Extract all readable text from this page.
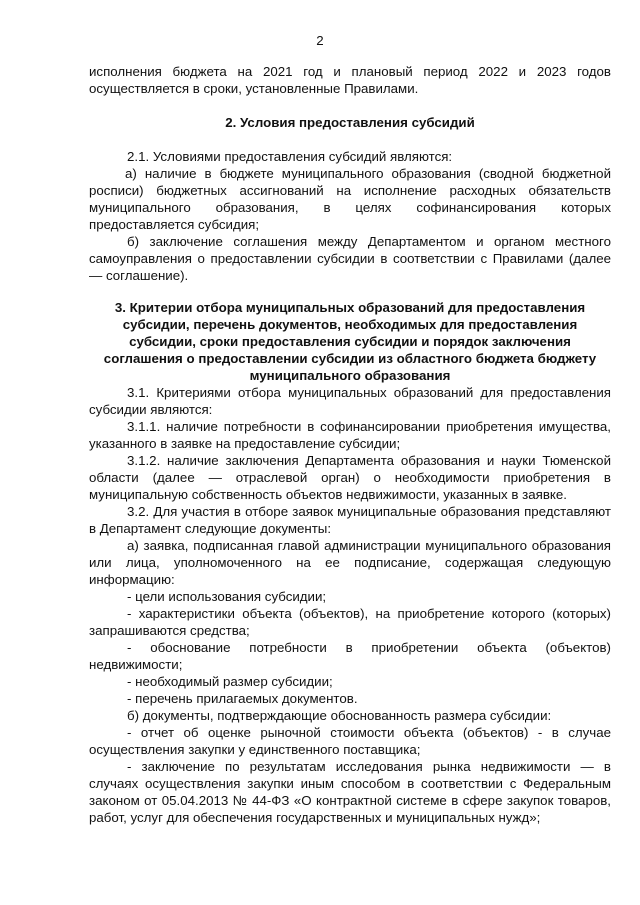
2

исполнения бюджета на 2021 год и плановый период 2022 и 2023 годов осуществляется в сроки, установленные Правилами.

2. Условия предоставления субсидий

2.1. Условиями предоставления субсидий являются:

а) наличие в бюджете муниципального образования (сводной бюджетной росписи) бюджетных ассигнований на исполнение расходных обязательств муниципального образования, в целях софинансирования которых предоставляется субсидия;

б) заключение соглашения между Департаментом и органом местного самоуправления о предоставлении субсидии в соответствии с Правилами (далее — соглашение).

3. Критерии отбора муниципальных образований для предоставления субсидии, перечень документов, необходимых для предоставления субсидии, сроки предоставления субсидии и порядок заключения соглашения о предоставлении субсидии из областного бюджета бюджету муниципального образования

3.1. Критериями отбора муниципальных образований для предоставления субсидии являются:

3.1.1. наличие потребности в софинансировании приобретения имущества, указанного в заявке на предоставление субсидии;

3.1.2. наличие заключения Департамента образования и науки Тюменской области (далее — отраслевой орган) о необходимости приобретения в муниципальную собственность объектов недвижимости, указанных в заявке.

3.2. Для участия в отборе заявок муниципальные образования представляют в Департамент следующие документы:

а) заявка, подписанная главой администрации муниципального образования или лица, уполномоченного на ее подписание, содержащая следующую информацию:

- цели использования субсидии;

- характеристики объекта (объектов), на приобретение которого (которых) запрашиваются средства;

- обоснование потребности в приобретении объекта (объектов) недвижимости;

- необходимый размер субсидии;

- перечень прилагаемых документов.

б) документы, подтверждающие обоснованность размера субсидии:

- отчет об оценке рыночной стоимости объекта (объектов) - в случае осуществления закупки у единственного поставщика;

- заключение по результатам исследования рынка недвижимости — в случаях осуществления закупки иным способом в соответствии с Федеральным законом от 05.04.2013 № 44-ФЗ «О контрактной системе в сфере закупок товаров, работ, услуг для обеспечения государственных и муниципальных нужд»;
